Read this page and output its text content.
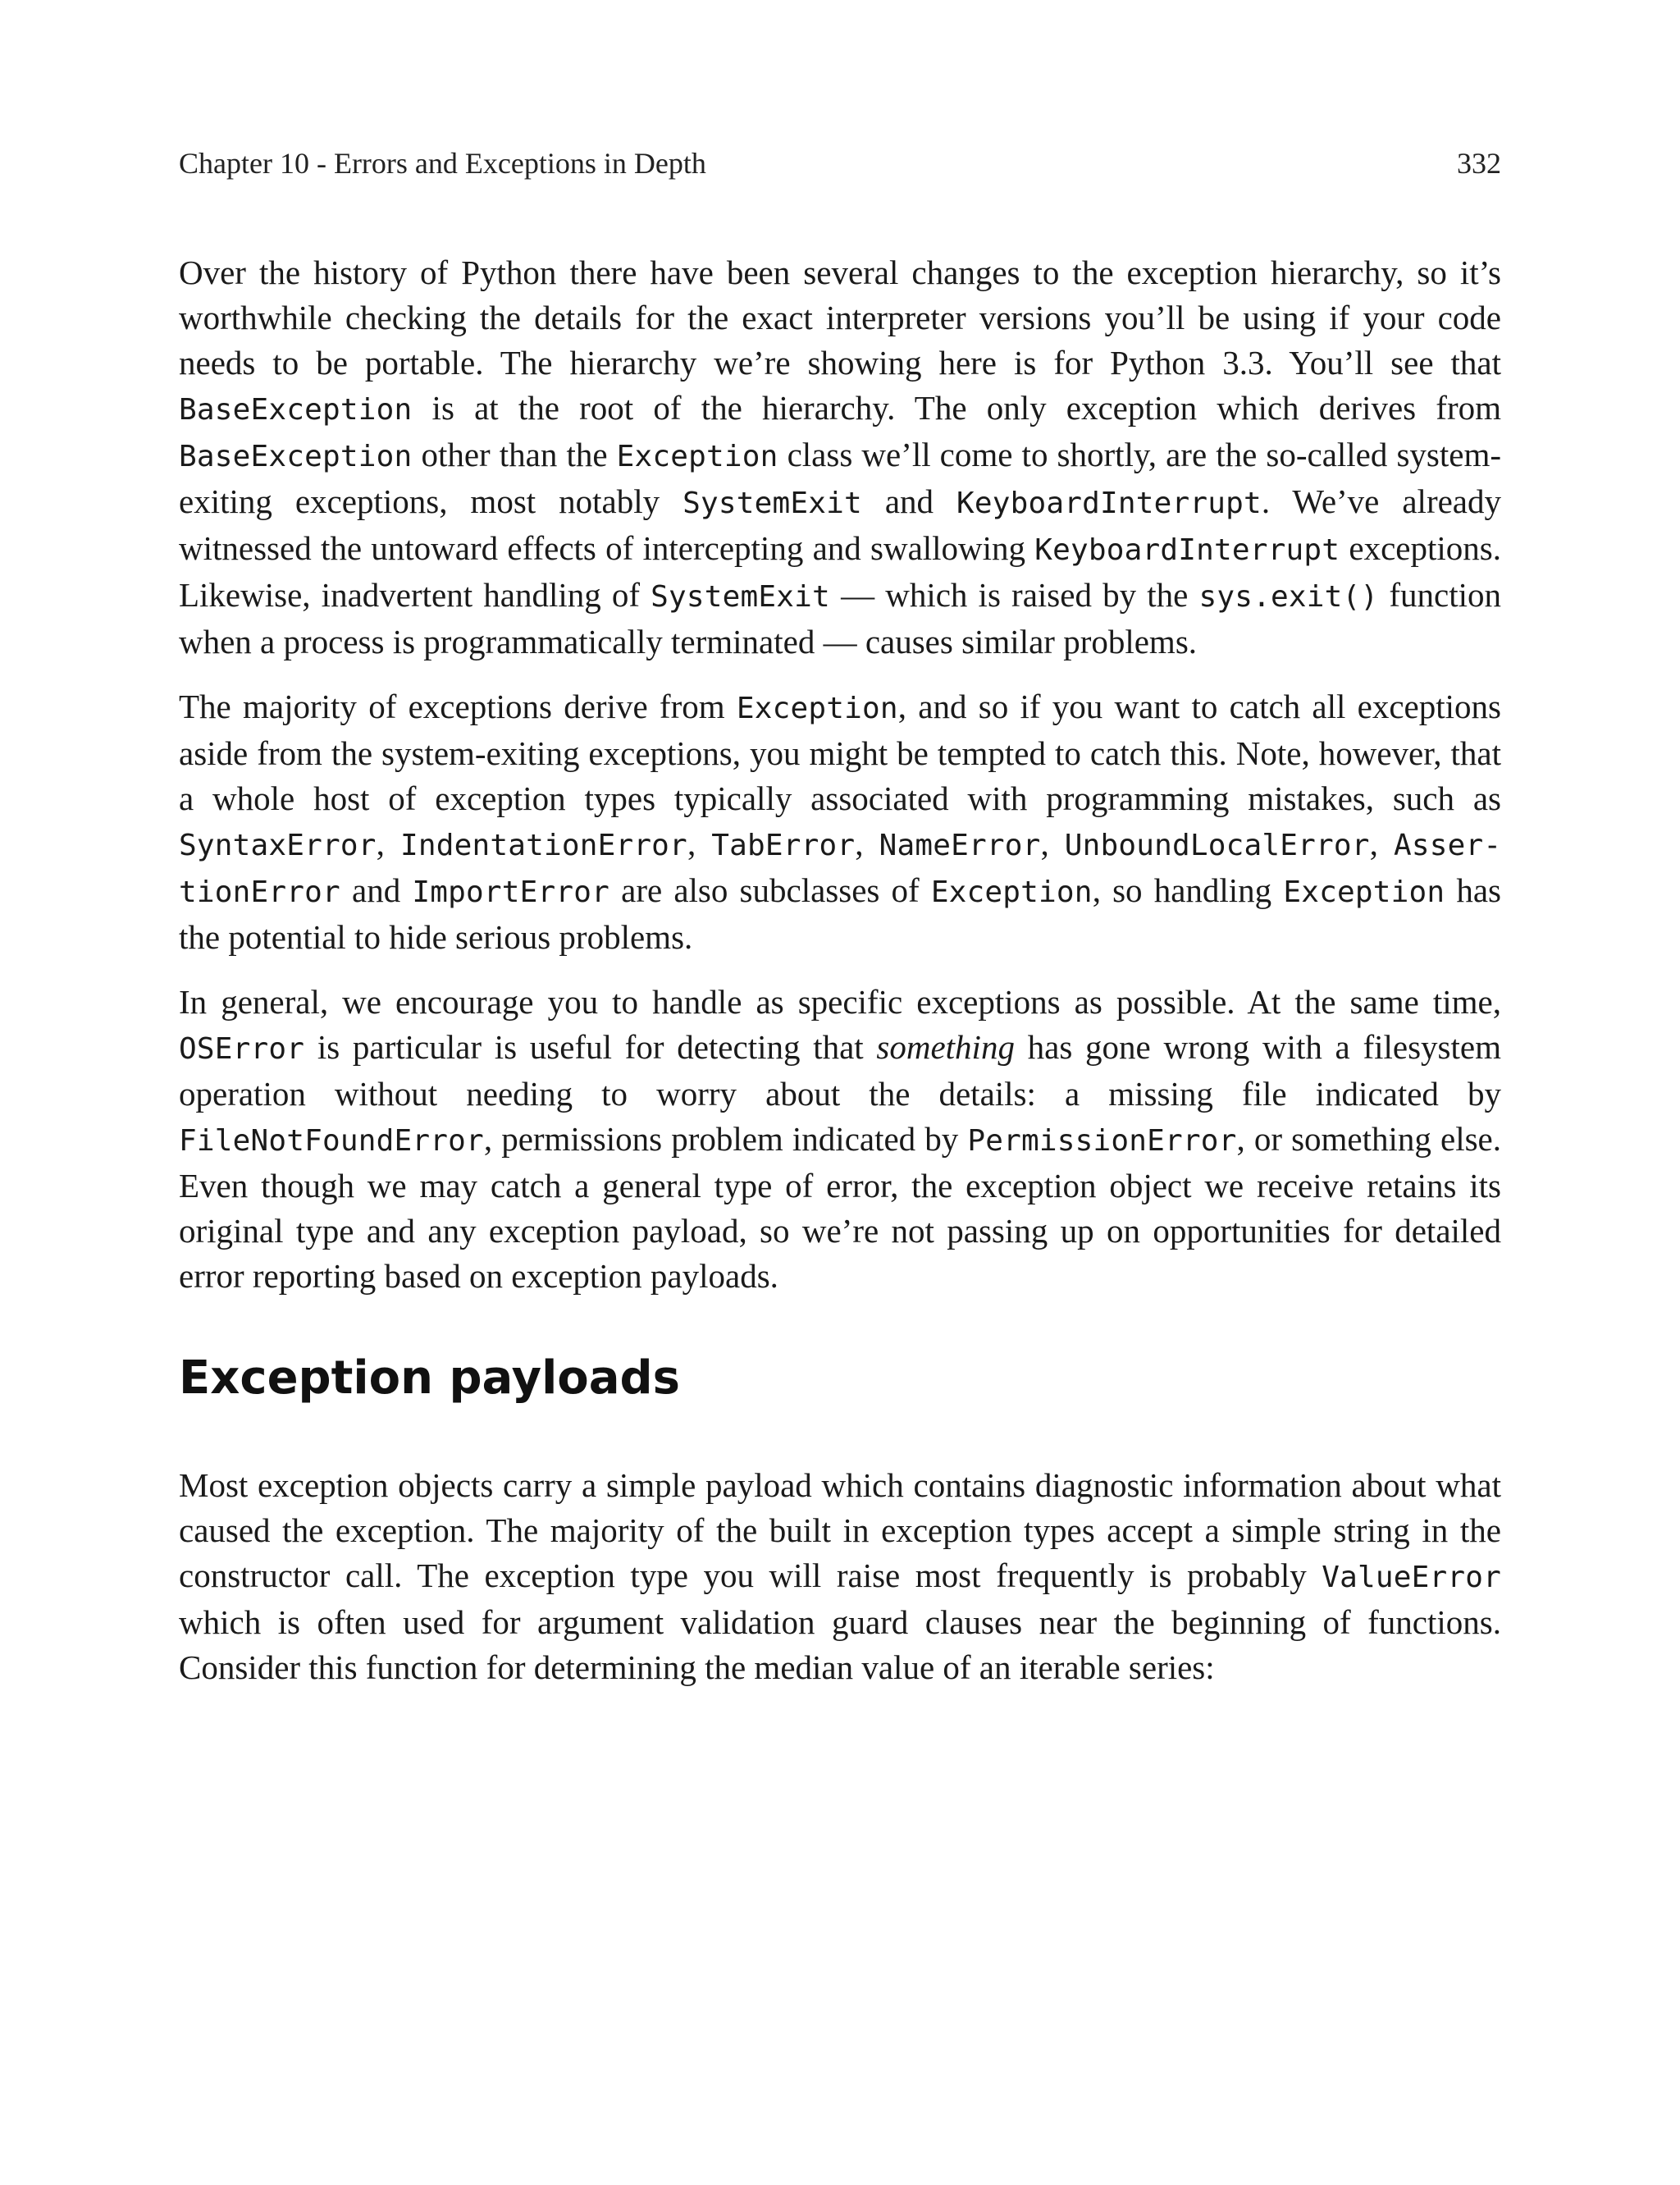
Chapter 10 - Errors and Exceptions in Depth	332

Over the history of Python there have been several changes to the exception hierarchy, so it’s worthwhile checking the details for the exact interpreter versions you’ll be using if your code needs to be portable. The hierarchy we’re showing here is for Python 3.3. You’ll see that BaseException is at the root of the hierarchy. The only exception which derives from BaseException other than the Exception class we’ll come to shortly, are the so-called system-exiting exceptions, most notably SystemExit and KeyboardInterrupt. We’ve already witnessed the untoward effects of intercepting and swallowing KeyboardInterrupt exceptions. Likewise, inadvertent handling of SystemExit — which is raised by the sys.exit() function when a process is programmatically terminated — causes similar problems.

The majority of exceptions derive from Exception, and so if you want to catch all exceptions aside from the system-exiting exceptions, you might be tempted to catch this. Note, however, that a whole host of exception types typically associated with programming mistakes, such as SyntaxError, IndentationError, TabError, NameError, UnboundLocalError, AssertionError and ImportError are also subclasses of Exception, so handling Exception has the potential to hide serious problems.

In general, we encourage you to handle as specific exceptions as possible. At the same time, OSError is particular is useful for detecting that something has gone wrong with a filesystem operation without needing to worry about the details: a missing file indicated by FileNotFoundError, permissions problem indicated by PermissionError, or something else. Even though we may catch a general type of error, the exception object we receive retains its original type and any exception payload, so we’re not passing up on opportunities for detailed error reporting based on exception payloads.

Exception payloads

Most exception objects carry a simple payload which contains diagnostic information about what caused the exception. The majority of the built in exception types accept a simple string in the constructor call. The exception type you will raise most frequently is probably ValueError which is often used for argument validation guard clauses near the beginning of functions. Consider this function for determining the median value of an iterable series:
